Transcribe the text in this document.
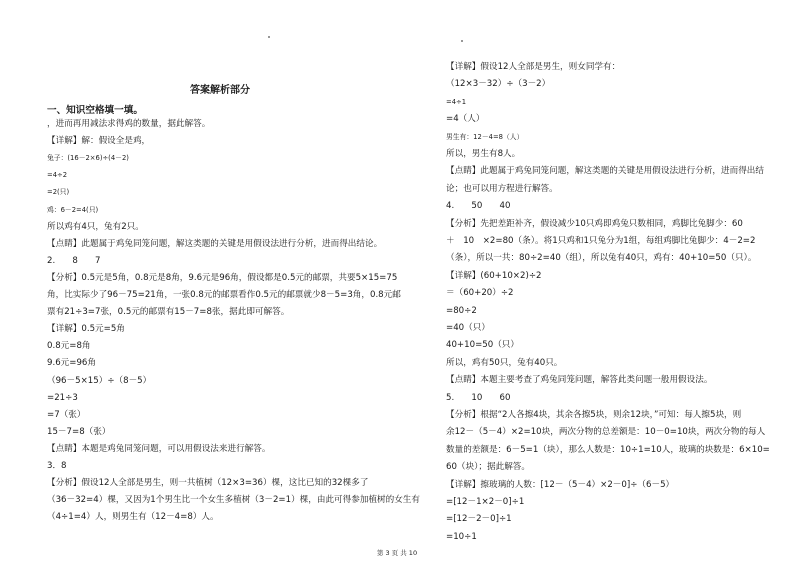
答案解析部分
一、知识空格填一填。
，进而再用减法求得鸡的数量，据此解答。
【详解】解：假设全是鸡，
兔子：(16－2×6)÷(4－2)
=4÷2
=2(只)
鸡：6－2=4(只)
所以鸡有4只，兔有2只。
【点睛】此题属于鸡兔同笼问题，解这类题的关键是用假设法进行分析，进而得出结论。
2.　　8　　7
【分析】0.5元是5角，0.8元是8角，9.6元是96角，假设都是0.5元的邮票，共要5×15=75
角，比实际少了96－75=21角，一张0.8元的邮票看作0.5元的邮票就少8－5=3角，0.8元邮
票有21÷3=7张，0.5元的邮票有15－7=8张，据此即可解答。
【详解】0.5元=5角
0.8元=8角
9.6元=96角
（96－5×15）÷（8－5）
=21÷3
=7（张）
15－7=8（张）
【点睛】本题是鸡兔同笼问题，可以用假设法来进行解答。
3．8
【分析】假设12人全部是男生，则一共植树（12×3=36）棵，这比已知的32棵多了
（36－32=4）棵，又因为1个男生比一个女生多植树（3－2=1）棵，由此可得参加植树的女生有
（4÷1=4）人，则男生有（12－4=8）人。
【详解】假设12人全部是男生，则女同学有：
（12×3－32）÷（3－2）
=4÷1
=4（人）
男生有：12－4=8（人）
所以，男生有8人。
【点睛】此题属于鸡兔同笼问题，解这类题的关键是用假设法进行分析，进而得出结
论；也可以用方程进行解答。
4.　　50　　40
【分析】先把差距补齐，假设减少10只鸡即鸡兔只数相同，鸡脚比兔脚少：60
＋　10　×2=80（条）。将1只鸡和1只兔分为1组，每组鸡脚比兔脚少：4－2=2
（条），所以一共：80÷2=40（组），所以兔有40只，鸡有：40+10=50（只）。
【详解】(60+10×2)÷2
＝（60+20）÷2
=80÷2
=40（只）
40+10=50（只）
所以，鸡有50只，兔有40只。
【点睛】本题主要考查了鸡兔同笼问题，解答此类问题一般用假设法。
5.　　10　　60
【分析】根据“2人各擦4块，其余各擦5块，则余12块，”可知：每人擦5块，则
余12－（5－4）×2=10块，两次分物的总差额是：10－0=10块，两次分物的每人
数量的差额是：6－5=1（块），那么人数是：10÷1=10人，玻璃的块数是：6×10=
60（块）；据此解答。
【详解】擦玻璃的人数：[12－（5－4）×2－0]÷（6－5）
=[12－1×2－0]÷1
=[12－2－0]÷1
=10÷1
第 3 页 共 10
